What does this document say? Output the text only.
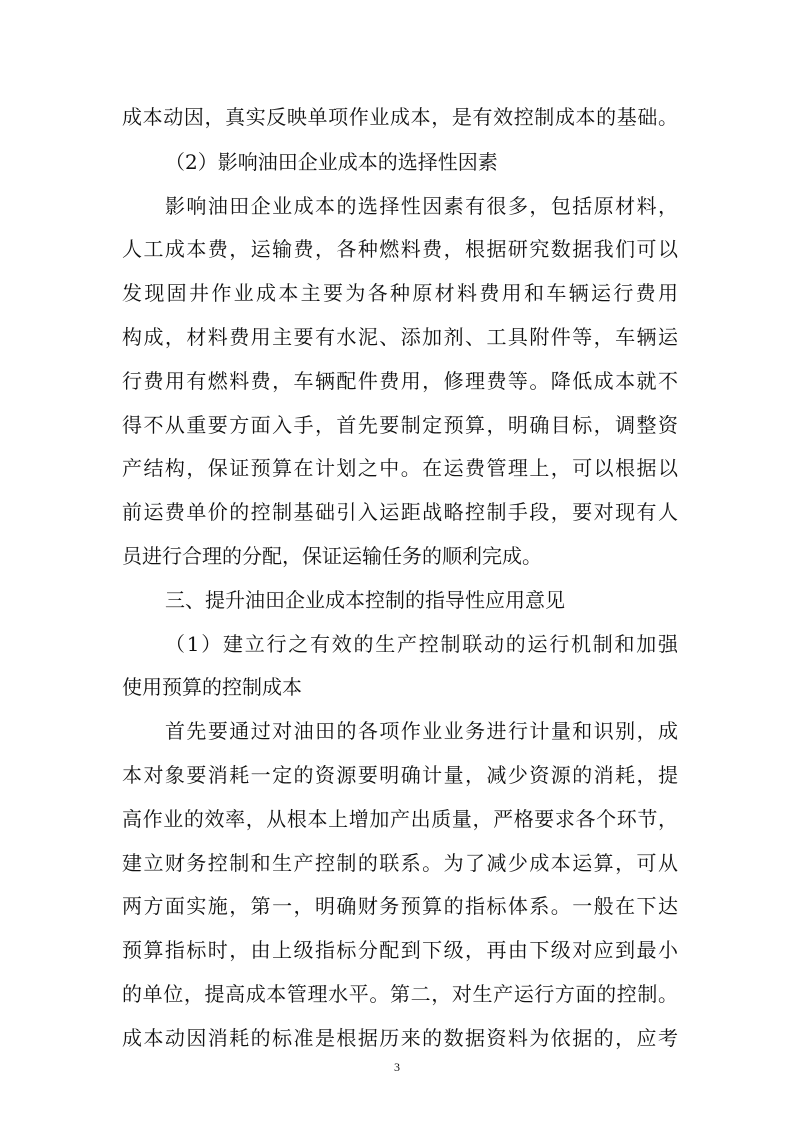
成本动因，真实反映单项作业成本，是有效控制成本的基础。
（2）影响油田企业成本的选择性因素
影响油田企业成本的选择性因素有很多，包括原材料，
人工成本费，运输费，各种燃料费，根据研究数据我们可以
发现固井作业成本主要为各种原材料费用和车辆运行费用
构成，材料费用主要有水泥、添加剂、工具附件等，车辆运
行费用有燃料费，车辆配件费用，修理费等。降低成本就不
得不从重要方面入手，首先要制定预算，明确目标，调整资
产结构，保证预算在计划之中。在运费管理上，可以根据以
前运费单价的控制基础引入运距战略控制手段，要对现有人
员进行合理的分配，保证运输任务的顺利完成。
三、提升油田企业成本控制的指导性应用意见
（1）建立行之有效的生产控制联动的运行机制和加强
使用预算的控制成本
首先要通过对油田的各项作业业务进行计量和识别，成
本对象要消耗一定的资源要明确计量，减少资源的消耗，提
高作业的效率，从根本上增加产出质量，严格要求各个环节，
建立财务控制和生产控制的联系。为了减少成本运算，可从
两方面实施，第一，明确财务预算的指标体系。一般在下达
预算指标时，由上级指标分配到下级，再由下级对应到最小
的单位，提高成本管理水平。第二，对生产运行方面的控制。
成本动因消耗的标准是根据历来的数据资料为依据的，应考
3
